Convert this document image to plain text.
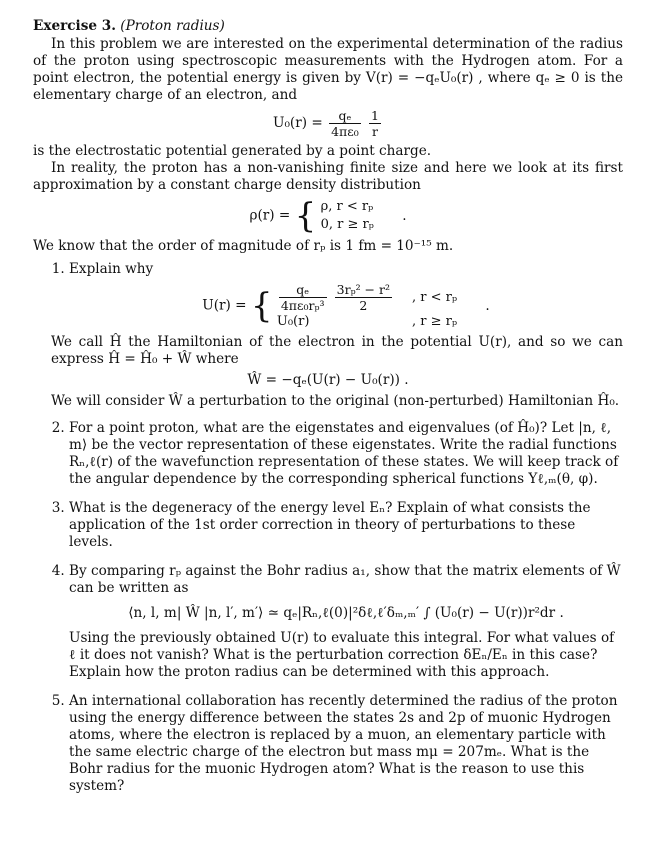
Exercise 3. (Proton radius)

In this problem we are interested on the experimental determination of the radius of the proton using spectroscopic measurements with the Hydrogen atom. For a point electron, the potential energy is given by V(r) = −qₑU₀(r) , where qₑ ≥ 0 is the elementary charge of an electron, and

$U_0(r) = \frac{\text{qₑ}}{\text{4πε₀}}$
$\frac{1}{r}$

is the electrostatic potential generated by a point charge.

In reality, the proton has a non-vanishing finite size and here we look at its first approximation by a constant charge density distribution

ρ(r) = { ρ, r < rₚ
0, r ≥ rₚ
.

We know that the order of magnitude of rₚ is 1 fm = 10⁻¹⁵ m.

1. Explain why
U(r) = { $\frac{\text{qₑ}}{\text{4πε₀rₚ³}}$
$\frac{\text{3rₚ² − r²}}{2}$ , r < rₚ
U₀(r)	, r ≥ rₚ
.

We call Ĥ the Hamiltonian of the electron in the potential U(r), and so we can express Ĥ = Ĥ₀ + Ŵ where

Ŵ = −qₑ(U(r) − U₀(r)) .

We will consider Ŵ a perturbation to the original (non-perturbed) Hamiltonian Ĥ₀.

2. For a point proton, what are the eigenstates and eigenvalues (of Ĥ₀)? Let |n, ℓ, m⟩ be the vector representation of these eigenstates. Write the radial functions Rₙ,ℓ(r) of the wavefunction representation of these states. We will keep track of the angular dependence by the corresponding spherical functions Yℓ,ₘ(θ, φ).
3. What is the degeneracy of the energy level Eₙ? Explain of what consists the application of the 1st order correction in theory of perturbations to these levels.
4. By comparing rₚ against the Bohr radius a₁, show that the matrix elements of Ŵ can be written as
⟨n, l, m| Ŵ |n, l′, m′⟩ ≃ qₑ|Rₙ,ℓ(0)|²δℓ,ℓ′δₘ,ₘ′ ∫ (U₀(r) − U(r))r²dr .
Using the previously obtained U(r) to evaluate this integral. For what values of ℓ it does not vanish? What is the perturbation correction δEₙ/Eₙ in this case? Explain how the proton radius can be determined with this approach.
5. An international collaboration has recently determined the radius of the proton using the energy difference between the states 2s and 2p of muonic Hydrogen atoms, where the electron is replaced by a muon, an elementary particle with the same electric charge of the electron but mass mμ = 207mₑ. What is the Bohr radius for the muonic Hydrogen atom? What is the reason to use this system?
